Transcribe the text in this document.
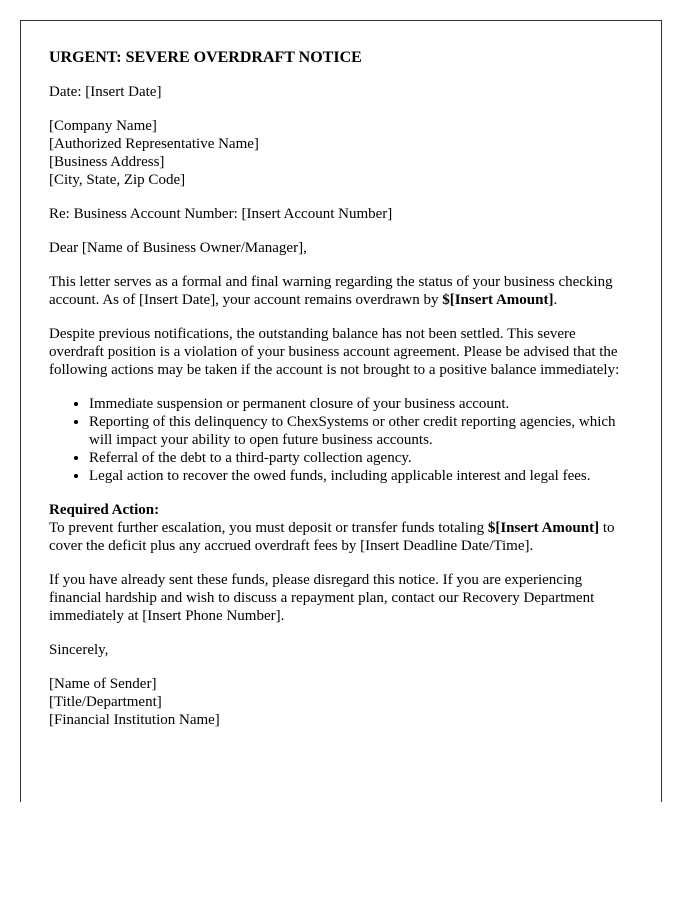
URGENT: SEVERE OVERDRAFT NOTICE

Date: [Insert Date]

[Company Name]
[Authorized Representative Name]
[Business Address]
[City, State, Zip Code]

Re: Business Account Number: [Insert Account Number]

Dear [Name of Business Owner/Manager],

This letter serves as a formal and final warning regarding the status of your business checking account. As of [Insert Date], your account remains overdrawn by $[Insert Amount].

Despite previous notifications, the outstanding balance has not been settled. This severe overdraft position is a violation of your business account agreement. Please be advised that the following actions may be taken if the account is not brought to a positive balance immediately:

• Immediate suspension or permanent closure of your business account.
• Reporting of this delinquency to ChexSystems or other credit reporting agencies, which will impact your ability to open future business accounts.
• Referral of the debt to a third-party collection agency.
• Legal action to recover the owed funds, including applicable interest and legal fees.

Required Action:
To prevent further escalation, you must deposit or transfer funds totaling $[Insert Amount] to cover the deficit plus any accrued overdraft fees by [Insert Deadline Date/Time].

If you have already sent these funds, please disregard this notice. If you are experiencing financial hardship and wish to discuss a repayment plan, contact our Recovery Department immediately at [Insert Phone Number].

Sincerely,

[Name of Sender]
[Title/Department]
[Financial Institution Name]
